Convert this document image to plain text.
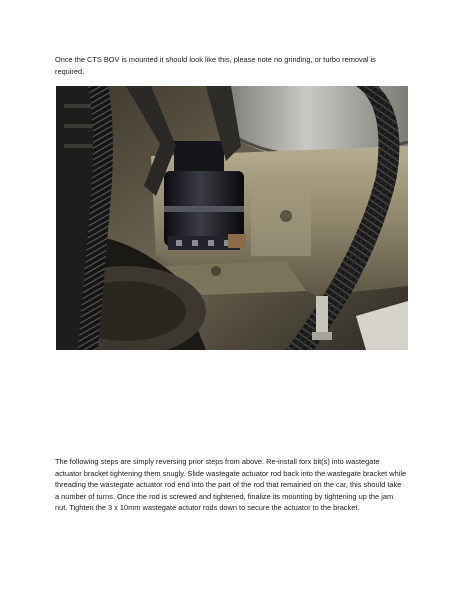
Once the CTS BOV is mounted it should look like this, please note no grinding, or turbo removal is required.

The following steps are simply reversing prior steps from above. Re-install torx bit(s) into wastegate actuator bracket tightening them snugly. Slide wastegate actuator rod back into the wastegate bracket while threading the wastegate actuator rod end into the part of the rod that remained on the car, this should take a number of turns. Once the rod is screwed and tightened, finalize its mounting by tightening up the jam nut. Tighten the 3 x 10mm wastegate actutor rods down to secure the actuator to the bracket.
